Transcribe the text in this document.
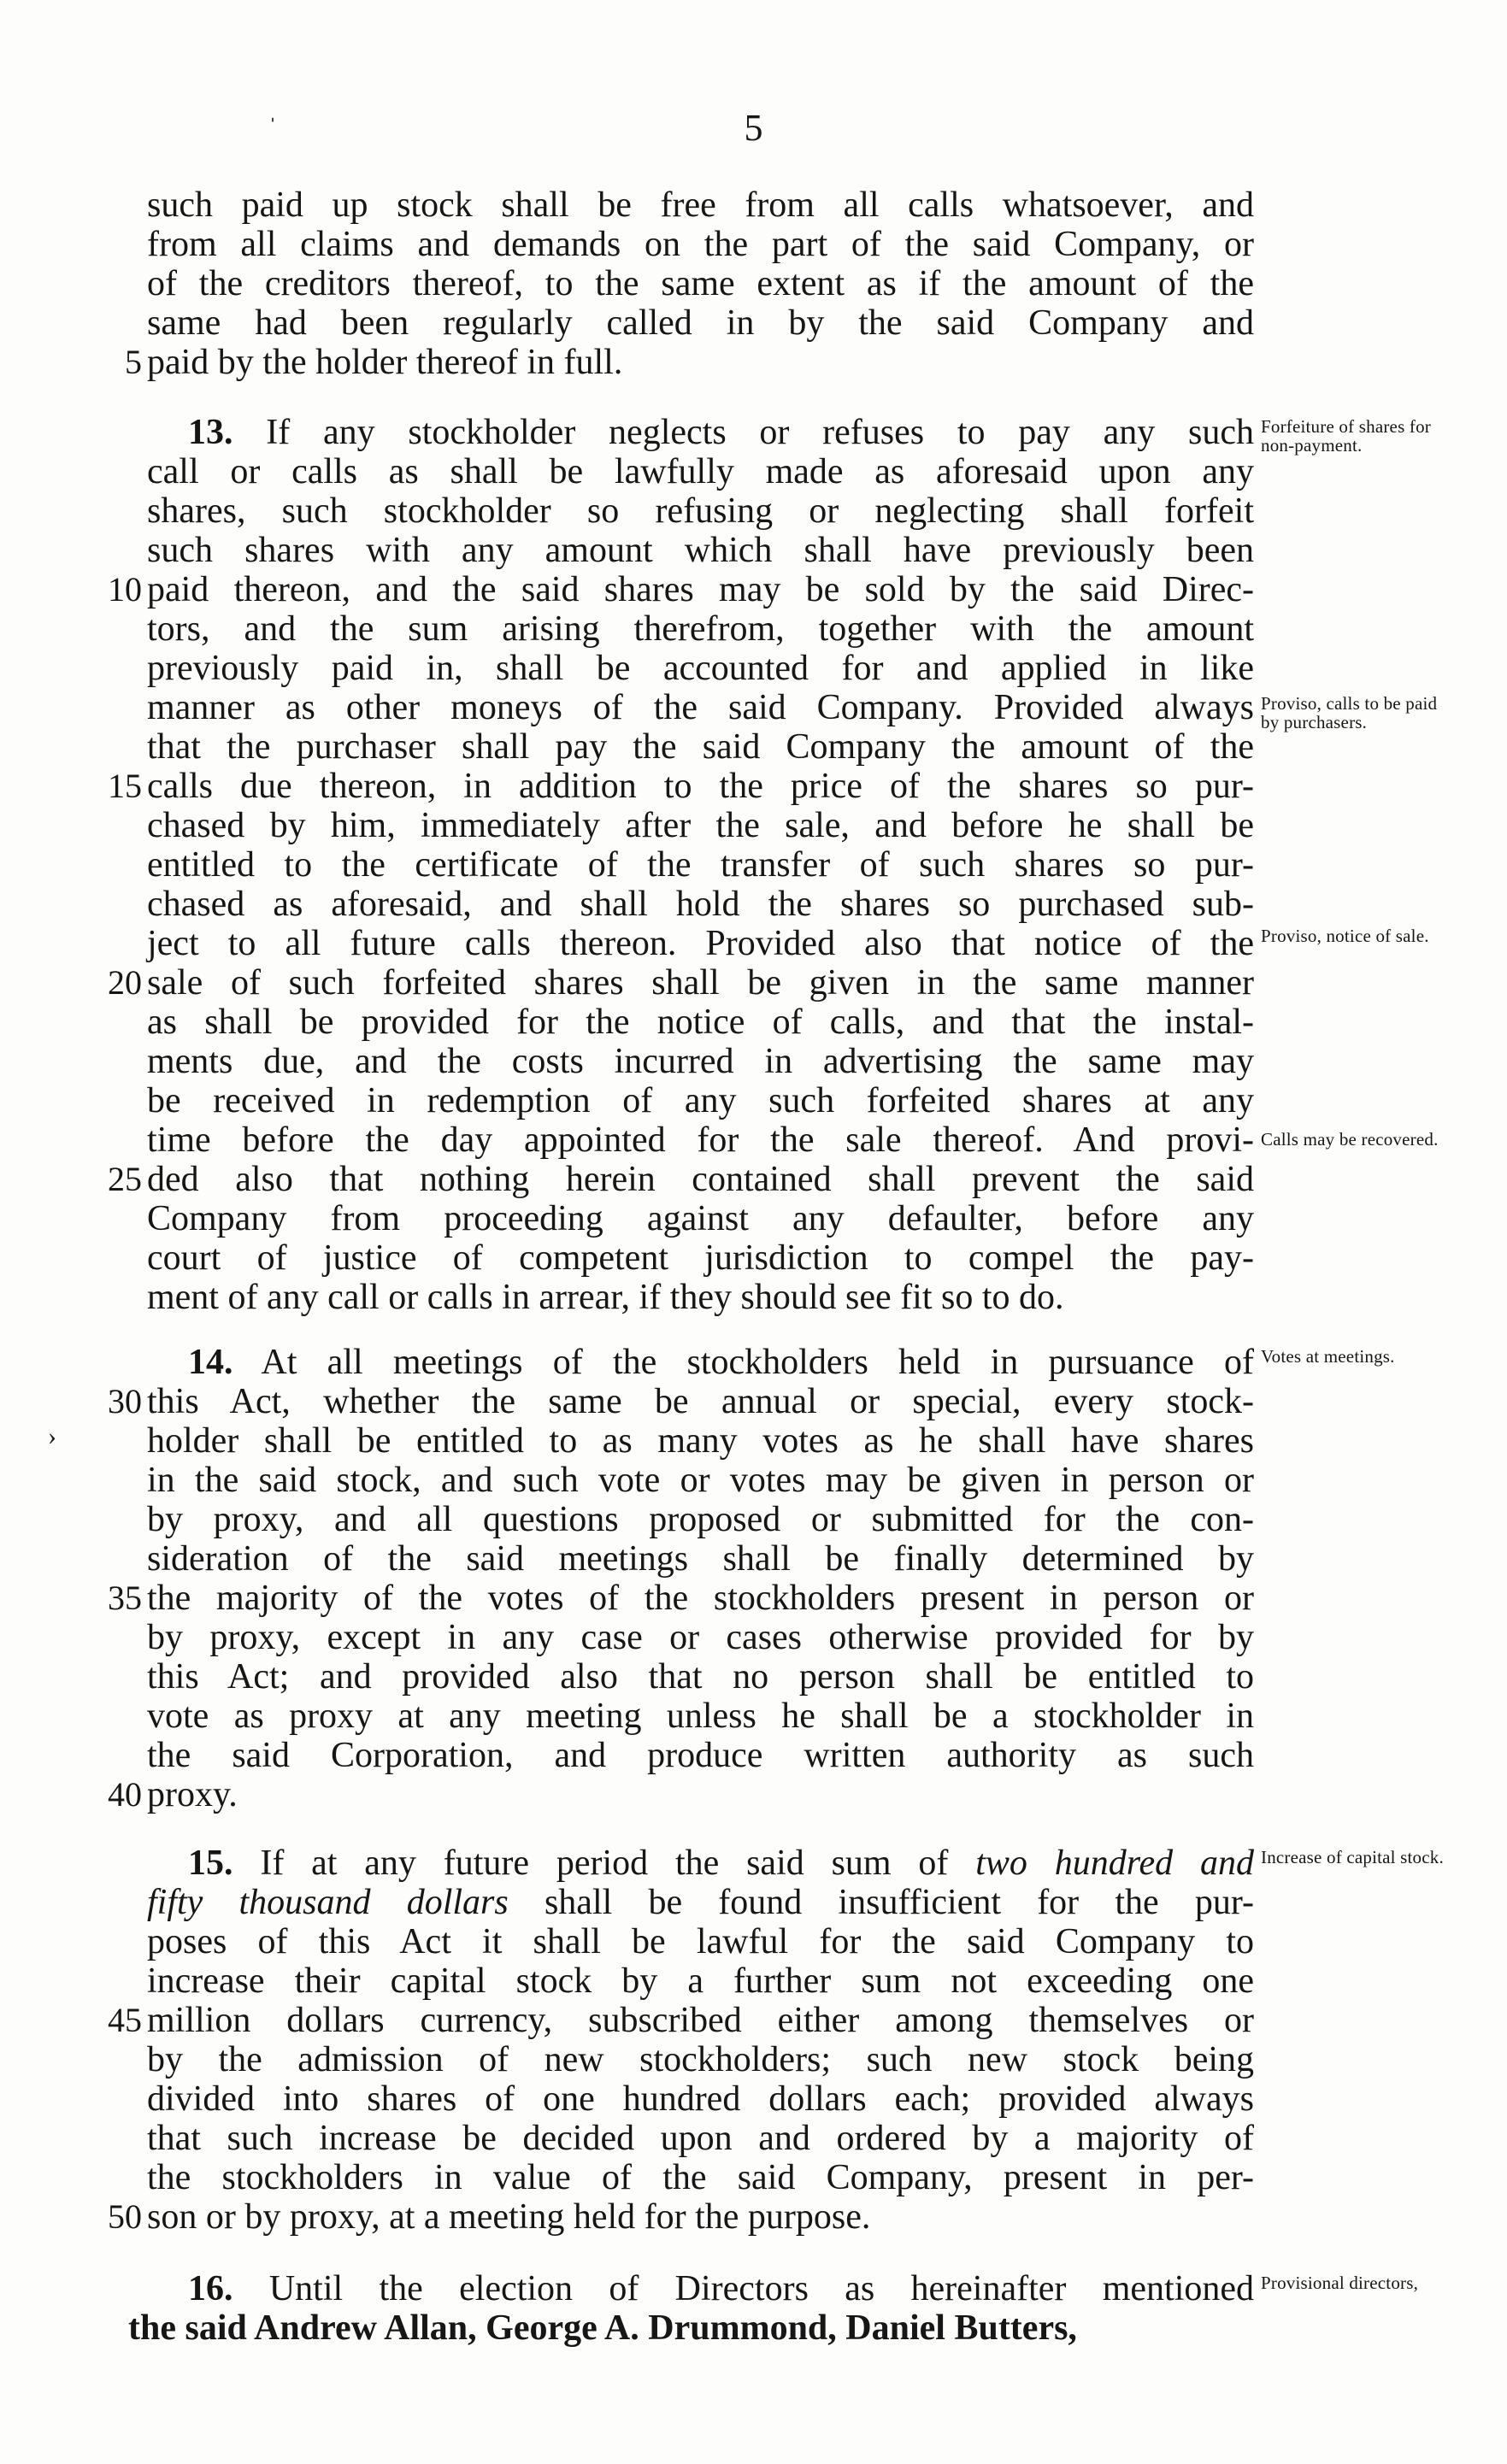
ˌ	5
such paid up stock shall be free from all calls whatsoever, and
from all claims and demands on the part of the said Company, or
of the creditors thereof, to the same extent as if the amount of the
same had been regularly called in by the said Company and
5 paid by the holder thereof in full.
13. If any stockholder neglects or refuses to pay any such Forfeiture of shares for non-payment.
call or calls as shall be lawfully made as aforesaid upon any
shares, such stockholder so refusing or neglecting shall forfeit
such shares with any amount which shall have previously been
10 paid thereon, and the said shares may be sold by the said Direc-
tors, and the sum arising therefrom, together with the amount
previously paid in, shall be accounted for and applied in like
manner as other moneys of the said Company. Provided always Proviso, calls to be paid by purchasers.
that the purchaser shall pay the said Company the amount of the
15 calls due thereon, in addition to the price of the shares so pur-
chased by him, immediately after the sale, and before he shall be
entitled to the certificate of the transfer of such shares so pur-
chased as aforesaid, and shall hold the shares so purchased sub-
ject to all future calls thereon. Provided also that notice of the Proviso, notice of sale.
20 sale of such forfeited shares shall be given in the same manner
as shall be provided for the notice of calls, and that the instal-
ments due, and the costs incurred in advertising the same may
be received in redemption of any such forfeited shares at any
time before the day appointed for the sale thereof. And provi- Calls may be recovered.
25 ded also that nothing herein contained shall prevent the said
Company from proceeding against any defaulter, before any
court of justice of competent jurisdiction to compel the pay-
ment of any call or calls in arrear, if they should see fit so to do.
14. At all meetings of the stockholders held in pursuance of Votes at meetings.
30 this Act, whether the same be annual or special, every stock-
›	holder shall be entitled to as many votes as he shall have shares
in the said stock, and such vote or votes may be given in person or
by proxy, and all questions proposed or submitted for the con-
sideration of the said meetings shall be finally determined by
35 the majority of the votes of the stockholders present in person or
by proxy, except in any case or cases otherwise provided for by
this Act; and provided also that no person shall be entitled to
vote as proxy at any meeting unless he shall be a stockholder in
the said Corporation, and produce written authority as such
40 proxy.
15. If at any future period the said sum of two hundred and Increase of capital stock.
fifty thousand dollars shall be found insufficient for the pur-
poses of this Act it shall be lawful for the said Company to
increase their capital stock by a further sum not exceeding one
45 million dollars currency, subscribed either among themselves or
by the admission of new stockholders; such new stock being
divided into shares of one hundred dollars each; provided always
that such increase be decided upon and ordered by a majority of
the stockholders in value of the said Company, present in per-
50 son or by proxy, at a meeting held for the purpose.
16. Until the election of Directors as hereinafter mentioned Provisional directors,
the said Andrew Allan, George A. Drummond, Daniel Butters,
